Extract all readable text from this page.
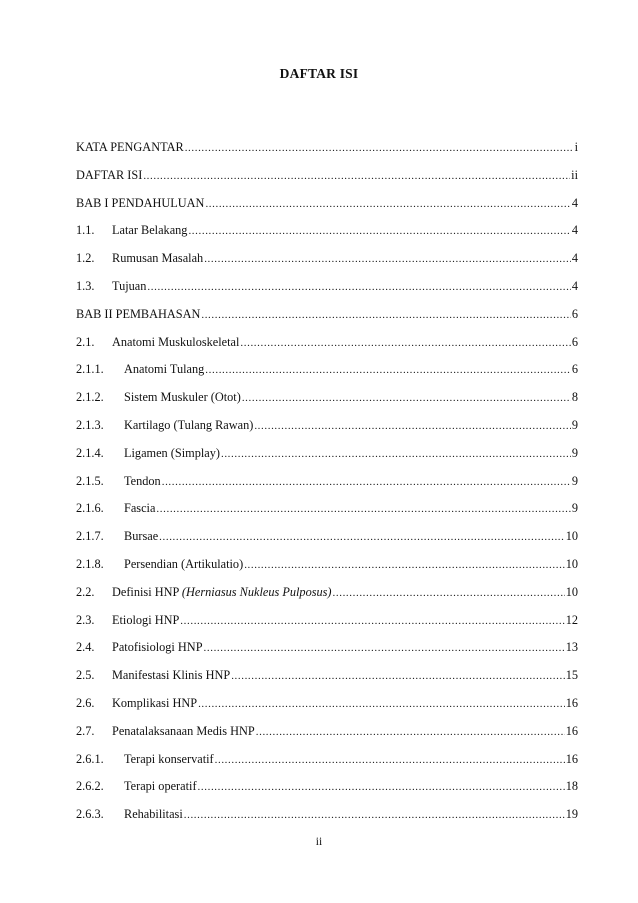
DAFTAR ISI
KATA PENGANTAR .....	i
DAFTAR ISI .....	ii
BAB I PENDAHULUAN .....	4
1.1.	Latar Belakang .....	4
1.2.	Rumusan Masalah .....	4
1.3.	Tujuan .....	4
BAB II PEMBAHASAN .....	6
2.1.	Anatomi Muskuloskeletal .....	6
2.1.1.	Anatomi Tulang .....	6
2.1.2.	Sistem Muskuler (Otot) .....	8
2.1.3.	Kartilago (Tulang Rawan) .....	9
2.1.4.	Ligamen (Simplay) .....	9
2.1.5.	Tendon .....	9
2.1.6.	Fascia .....	9
2.1.7.	Bursae .....	10
2.1.8.	Persendian (Artikulatio) .....	10
2.2.	Definisi HNP (Herniasus Nukleus Pulposus) .....	10
2.3.	Etiologi HNP .....	12
2.4.	Patofisiologi HNP .....	13
2.5.	Manifestasi Klinis HNP .....	15
2.6.	Komplikasi HNP .....	16
2.7.	Penatalaksanaan Medis HNP .....	16
2.6.1.	Terapi konservatif .....	16
2.6.2.	Terapi operatif .....	18
2.6.3.	Rehabilitasi .....	19
ii
